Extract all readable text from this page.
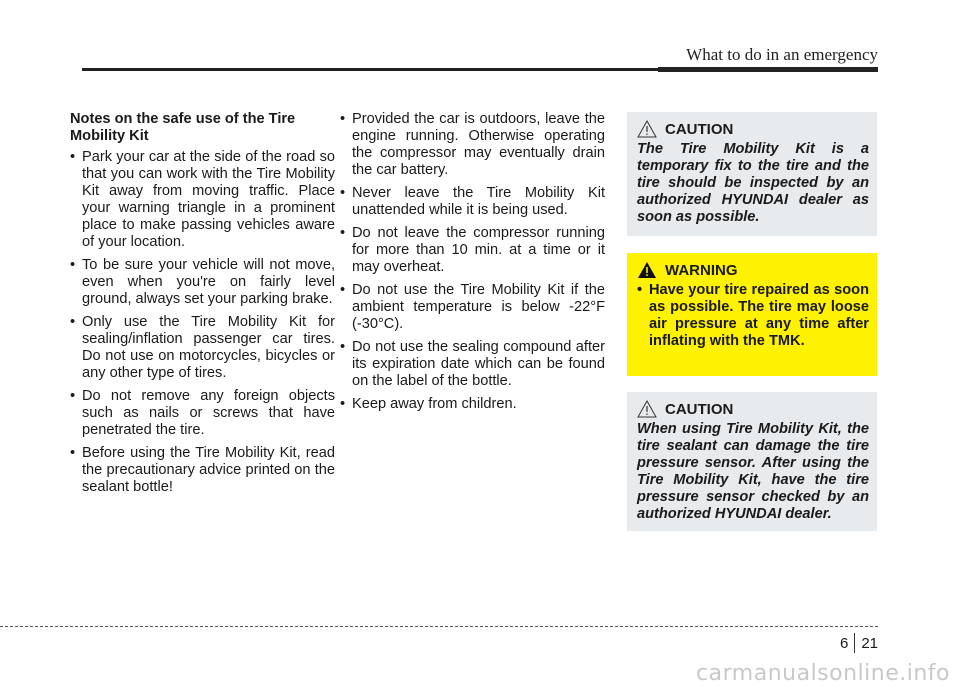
What to do in an emergency
Notes on the safe use of the Tire Mobility Kit
• Park your car at the side of the road so that you can work with the Tire Mobility Kit away from moving traffic. Place your warning triangle in a prominent place to make passing vehicles aware of your location.
• To be sure your vehicle will not move, even when you're on fairly level ground, always set your parking brake.
• Only use the Tire Mobility Kit for sealing/inflation passenger car tires. Do not use on motorcycles, bicycles or any other type of tires.
• Do not remove any foreign objects such as nails or screws that have penetrated the tire.
• Before using the Tire Mobility Kit, read the precautionary advice printed on the sealant bottle!
• Provided the car is outdoors, leave the engine running. Otherwise operating the compressor may eventually drain the car battery.
• Never leave the Tire Mobility Kit unattended while it is being used.
• Do not leave the compressor running for more than 10 min. at a time or it may overheat.
• Do not use the Tire Mobility Kit if the ambient temperature is below -22°F (-30°C).
• Do not use the sealing compound after its expiration date which can be found on the label of the bottle.
• Keep away from children.
CAUTION
The Tire Mobility Kit is a temporary fix to the tire and the tire should be inspected by an authorized HYUNDAI dealer as soon as possible.
WARNING
• Have your tire repaired as soon as possible. The tire may loose air pressure at any time after inflating with the TMK.
CAUTION
When using Tire Mobility Kit, the tire sealant can damage the tire pressure sensor. After using the Tire Mobility Kit, have the tire pressure sensor checked by an authorized HYUNDAI dealer.
6 21
carmanualsonline.info
